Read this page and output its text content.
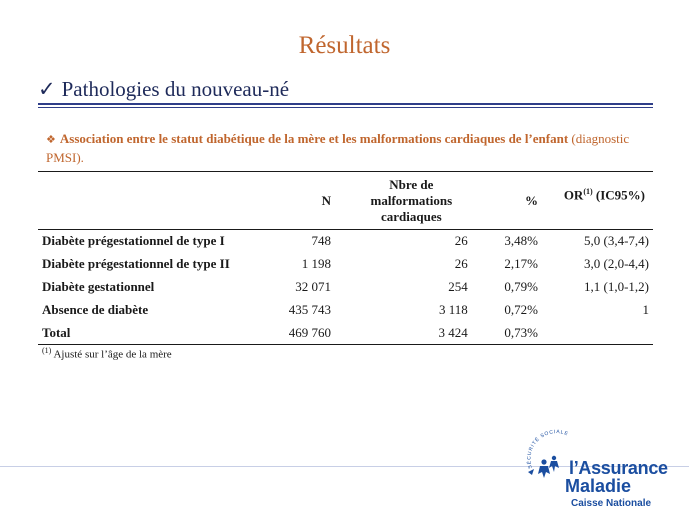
Résultats
✓ Pathologies du nouveau-né
❖ Association entre le statut diabétique de la mère et les malformations cardiaques de l’enfant (diagnostic PMSI).
	N	Nbre de
malformations
cardiaques	%	OR$^{(1)}$ (IC95%)
Diabète prégestationnel de type I	748	26	3,48%	5,0 (3,4-7,4)
Diabète prégestationnel de type II	1 198	26	2,17%	3,0 (2,0-4,4)
Diabète gestationnel	32 071	254	0,79%	1,1 (1,0-1,2)
Absence de diabète	435 743	3 118	0,72%	1
Total	469 760	3 424	0,73%	
$^{(1)}$ Ajusté sur l’âge de la mère
SÉCURITÉ SOCIALE
l’Assurance
Maladie
Caisse Nationale
